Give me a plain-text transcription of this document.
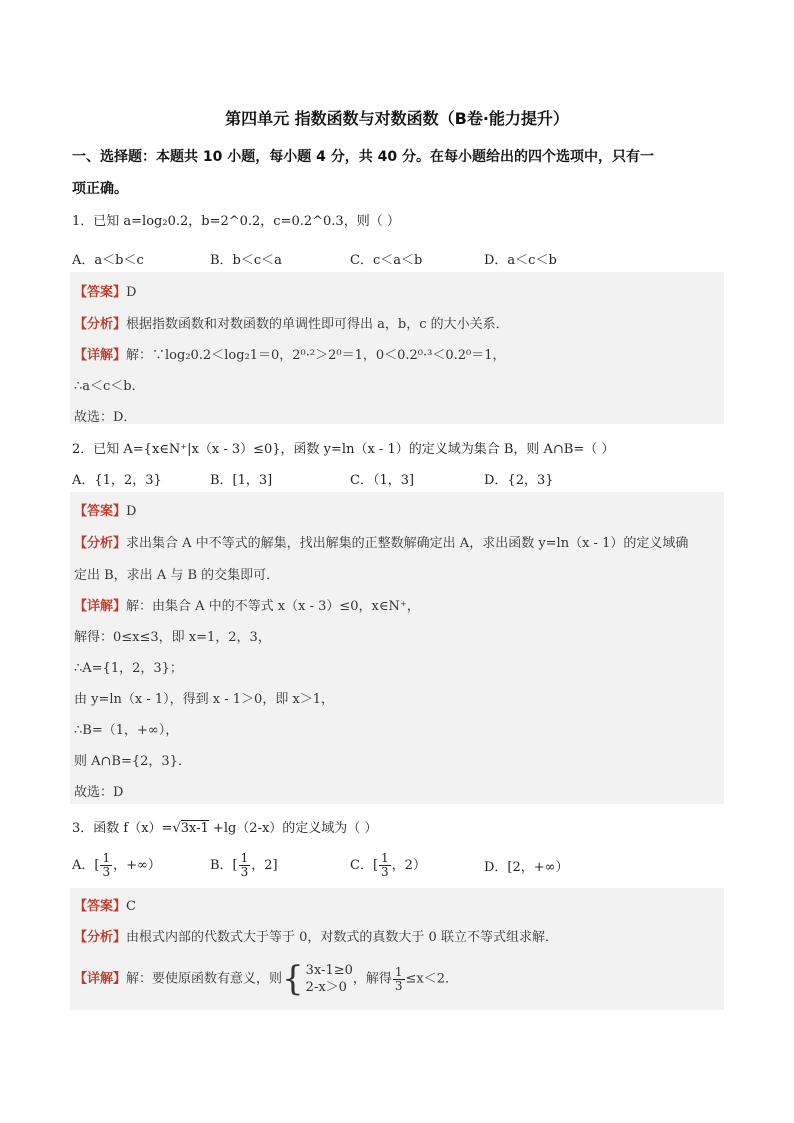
第四单元 指数函数与对数函数（B卷·能力提升）
一、选择题：本题共 10 小题，每小题 4 分，共 40 分。在每小题给出的四个选项中，只有一
项正确。
1．已知 a=log₂0.2，b=2^0.2，c=0.2^0.3，则（ ）
A．a＜b＜c	B．b＜c＜a	C．c＜a＜b	D．a＜c＜b
【答案】D
【分析】根据指数函数和对数函数的单调性即可得出 a，b，c 的大小关系．
【详解】解：∵log₂0.2＜log₂1＝0，2⁰·²＞2⁰＝1，0＜0.2⁰·³＜0.2⁰＝1，
∴a＜c＜b．
故选：D．
2．已知 A={x∈N⁺|x（x - 3）≤0}，函数 y=ln（x - 1）的定义域为集合 B，则 A∩B=（ ）
A．{1，2，3}	B．[1，3]	C．（1，3]	D．{2，3}
【答案】D
【分析】求出集合 A 中不等式的解集，找出解集的正整数解确定出 A，求出函数 y=ln（x - 1）的定义域确
定出 B，求出 A 与 B 的交集即可．
【详解】解：由集合 A 中的不等式 x（x - 3）≤0，x∈N⁺，
解得：0≤x≤3，即 x=1，2，3，
∴A={1，2，3}；
由 y=ln（x - 1），得到 x - 1＞0，即 x＞1，
∴B=（1，+∞），
则 A∩B={2，3}．
故选：D
3．函数 f（x）=√3x-1 +lg（2-x）的定义域为（ ）
A．[ $\frac{1}{3}$ ，+∞）	B．[ $\frac{1}{3}$ ，2]	C．[ $\frac{1}{3}$ ，2）	D．[2，+∞）
【答案】C
【分析】由根式内部的代数式大于等于 0，对数式的真数大于 0 联立不等式组求解．
【详解】解：要使原函数有意义，则 { 3x-1≥0
2-x＞0
，解得 $\frac{1}{3} \le x<2$．
